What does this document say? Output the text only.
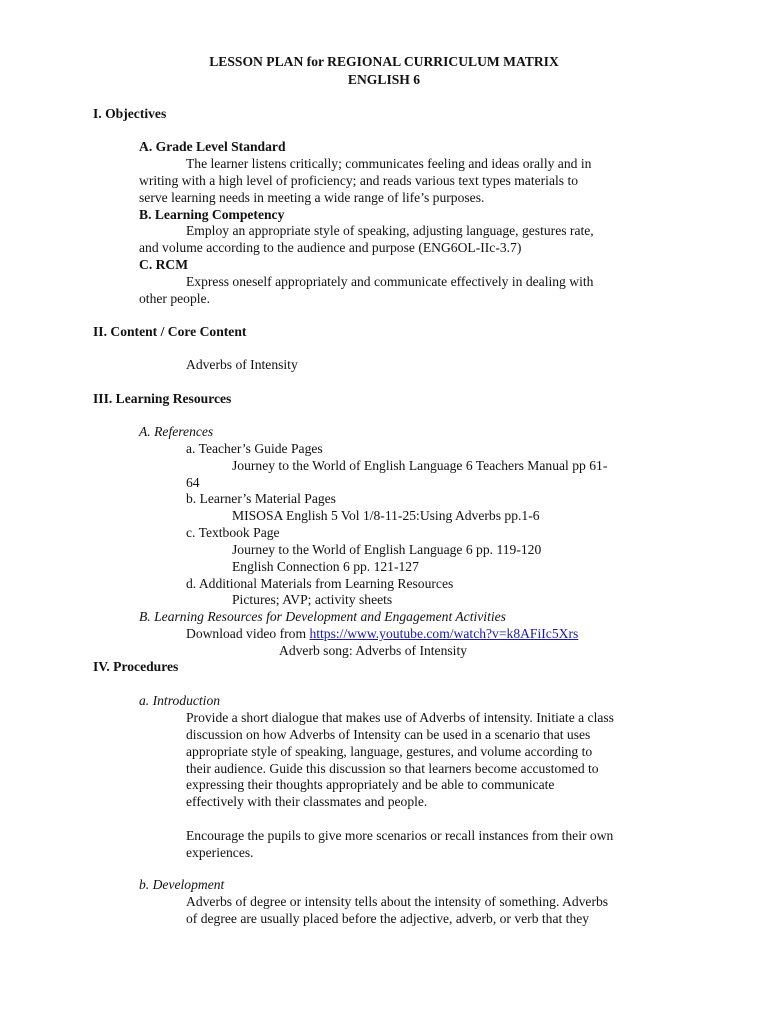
LESSON PLAN for REGIONAL CURRICULUM MATRIX
ENGLISH 6
I. Objectives
A. Grade Level Standard
The learner listens critically; communicates feeling and ideas orally and in
writing with a high level of proficiency; and reads various text types materials to
serve learning needs in meeting a wide range of life’s purposes.
B. Learning Competency
Employ an appropriate style of speaking, adjusting language, gestures rate,
and volume according to the audience and purpose (ENG6OL-IIc-3.7)
C. RCM
Express oneself appropriately and communicate effectively in dealing with
other people.
II. Content / Core Content
Adverbs of Intensity
III. Learning Resources
A. References
a. Teacher’s Guide Pages
Journey to the World of English Language 6 Teachers Manual pp 61-
64
b. Learner’s Material Pages
MISOSA English 5 Vol 1/8-11-25:Using Adverbs pp.1-6
c. Textbook Page
Journey to the World of English Language 6 pp. 119-120
English Connection 6 pp. 121-127
d. Additional Materials from Learning Resources
Pictures; AVP; activity sheets
B. Learning Resources for Development and Engagement Activities
Download video from https://www.youtube.com/watch?v=k8AFiIc5Xrs
Adverb song: Adverbs of Intensity
IV. Procedures
a. Introduction
Provide a short dialogue that makes use of Adverbs of intensity. Initiate a class
discussion on how Adverbs of Intensity can be used in a scenario that uses
appropriate style of speaking, language, gestures, and volume according to
their audience. Guide this discussion so that learners become accustomed to
expressing their thoughts appropriately and be able to communicate
effectively with their classmates and people.
Encourage the pupils to give more scenarios or recall instances from their own
experiences.
b. Development
Adverbs of degree or intensity tells about the intensity of something. Adverbs
of degree are usually placed before the adjective, adverb, or verb that they
